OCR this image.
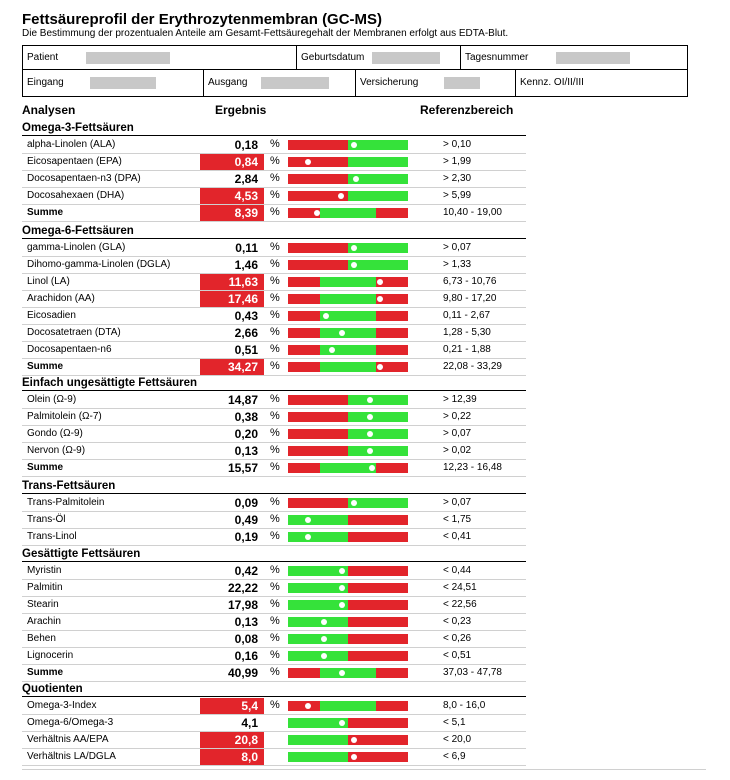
Fettsäureprofil der Erythrozytenmembran (GC-MS)
Die Bestimmung der prozentualen Anteile am Gesamt-Fettsäuregehalt der Membranen erfolgt aus EDTA-Blut.
Patient	Geburtsdatum	Tagesnummer
Eingang	Ausgang	Versicherung	Kennz. OI/II/III
Analysen	Ergebnis	Referenzbereich
Omega-3-Fettsäuren
alpha-Linolen (ALA)	0,18	%	> 0,10
Eicosapentaen (EPA)	0,84	%	> 1,99
Docosapentaen-n3 (DPA)	2,84	%	> 2,30
Docosahexaen (DHA)	4,53	%	> 5,99
Summe	8,39	%	10,40 - 19,00
Omega-6-Fettsäuren
gamma-Linolen (GLA)	0,11	%	> 0,07
Dihomo-gamma-Linolen (DGLA)	1,46	%	> 1,33
Linol (LA)	11,63	%	6,73 - 10,76
Arachidon (AA)	17,46	%	9,80 - 17,20
Eicosadien	0,43	%	0,11 - 2,67
Docosatetraen (DTA)	2,66	%	1,28 - 5,30
Docosapentaen-n6	0,51	%	0,21 - 1,88
Summe	34,27	%	22,08 - 33,29
Einfach ungesättigte Fettsäuren
Olein (Ω-9)	14,87	%	> 12,39
Palmitolein (Ω-7)	0,38	%	> 0,22
Gondo (Ω-9)	0,20	%	> 0,07
Nervon (Ω-9)	0,13	%	> 0,02
Summe	15,57	%	12,23 - 16,48
Trans-Fettsäuren
Trans-Palmitolein	0,09	%	> 0,07
Trans-Öl	0,49	%	< 1,75
Trans-Linol	0,19	%	< 0,41
Gesättigte Fettsäuren
Myristin	0,42	%	< 0,44
Palmitin	22,22	%	< 24,51
Stearin	17,98	%	< 22,56
Arachin	0,13	%	< 0,23
Behen	0,08	%	< 0,26
Lignocerin	0,16	%	< 0,51
Summe	40,99	%	37,03 - 47,78
Quotienten
Omega-3-Index	5,4	%	8,0 - 16,0
Omega-6/Omega-3	4,1	< 5,1
Verhältnis AA/EPA	20,8	< 20,0
Verhältnis LA/DGLA	8,0	< 6,9
